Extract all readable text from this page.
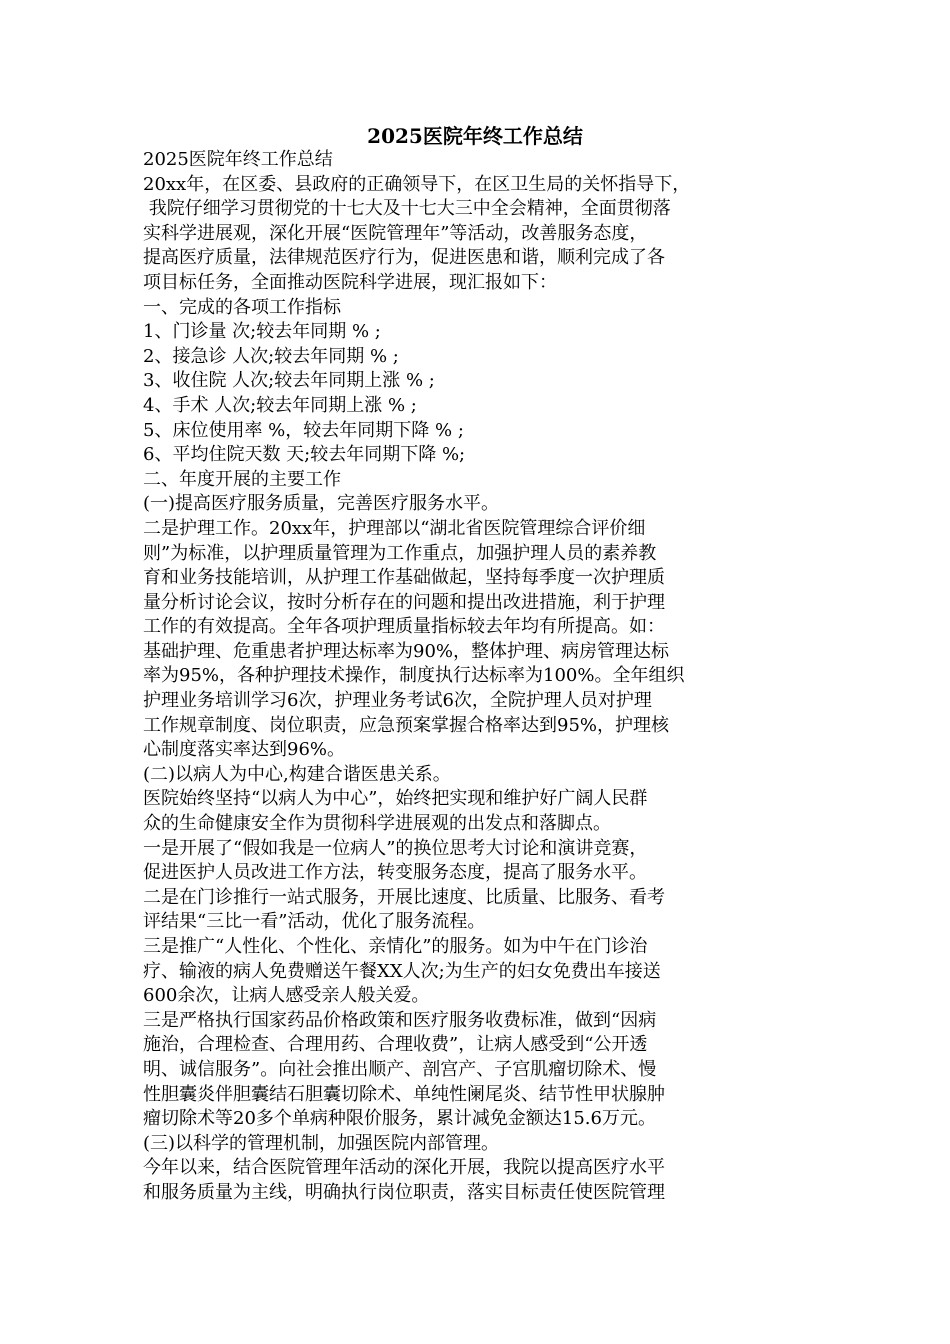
2025医院年终工作总结
2025医院年终工作总结
20xx年，在区委、县政府的正确领导下，在区卫生局的关怀指导下，
我院仔细学习贯彻党的十七大及十七大三中全会精神，全面贯彻落
实科学进展观，深化开展“医院管理年”等活动，改善服务态度，
提高医疗质量，法律规范医疗行为，促进医患和谐，顺利完成了各
项目标任务，全面推动医院科学进展，现汇报如下：
一、完成的各项工作指标
1、门诊量 次;较去年同期 % ;
2、接急诊 人次;较去年同期 % ;
3、收住院 人次;较去年同期上涨 % ;
4、手术 人次;较去年同期上涨 % ;
5、床位使用率 %，较去年同期下降 % ;
6、平均住院天数 天;较去年同期下降 %;
二、年度开展的主要工作
(一)提高医疗服务质量，完善医疗服务水平。
二是护理工作。20xx年，护理部以“湖北省医院管理综合评价细
则”为标准，以护理质量管理为工作重点，加强护理人员的素养教
育和业务技能培训，从护理工作基础做起，坚持每季度一次护理质
量分析讨论会议，按时分析存在的问题和提出改进措施，利于护理
工作的有效提高。全年各项护理质量指标较去年均有所提高。如：
基础护理、危重患者护理达标率为90%，整体护理、病房管理达标
率为95%，各种护理技术操作，制度执行达标率为100%。全年组织
护理业务培训学习6次，护理业务考试6次，全院护理人员对护理
工作规章制度、岗位职责，应急预案掌握合格率达到95%，护理核
心制度落实率达到96%。
(二)以病人为中心,构建合谐医患关系。
医院始终坚持“以病人为中心”，始终把实现和维护好广阔人民群
众的生命健康安全作为贯彻科学进展观的出发点和落脚点。
一是开展了“假如我是一位病人”的换位思考大讨论和演讲竞赛，
促进医护人员改进工作方法，转变服务态度，提高了服务水平。
二是在门诊推行一站式服务，开展比速度、比质量、比服务、看考
评结果“三比一看”活动，优化了服务流程。
三是推广“人性化、个性化、亲情化”的服务。如为中午在门诊治
疗、输液的病人免费赠送午餐XX人次;为生产的妇女免费出车接送
600余次，让病人感受亲人般关爱。
三是严格执行国家药品价格政策和医疗服务收费标准，做到“因病
施治，合理检查、合理用药、合理收费”，让病人感受到“公开透
明、诚信服务”。向社会推出顺产、剖宫产、子宫肌瘤切除术、慢
性胆囊炎伴胆囊结石胆囊切除术、单纯性阑尾炎、结节性甲状腺肿
瘤切除术等20多个单病种限价服务，累计减免金额达15.6万元。
(三)以科学的管理机制，加强医院内部管理。
今年以来，结合医院管理年活动的深化开展，我院以提高医疗水平
和服务质量为主线，明确执行岗位职责，落实目标责任使医院管理
